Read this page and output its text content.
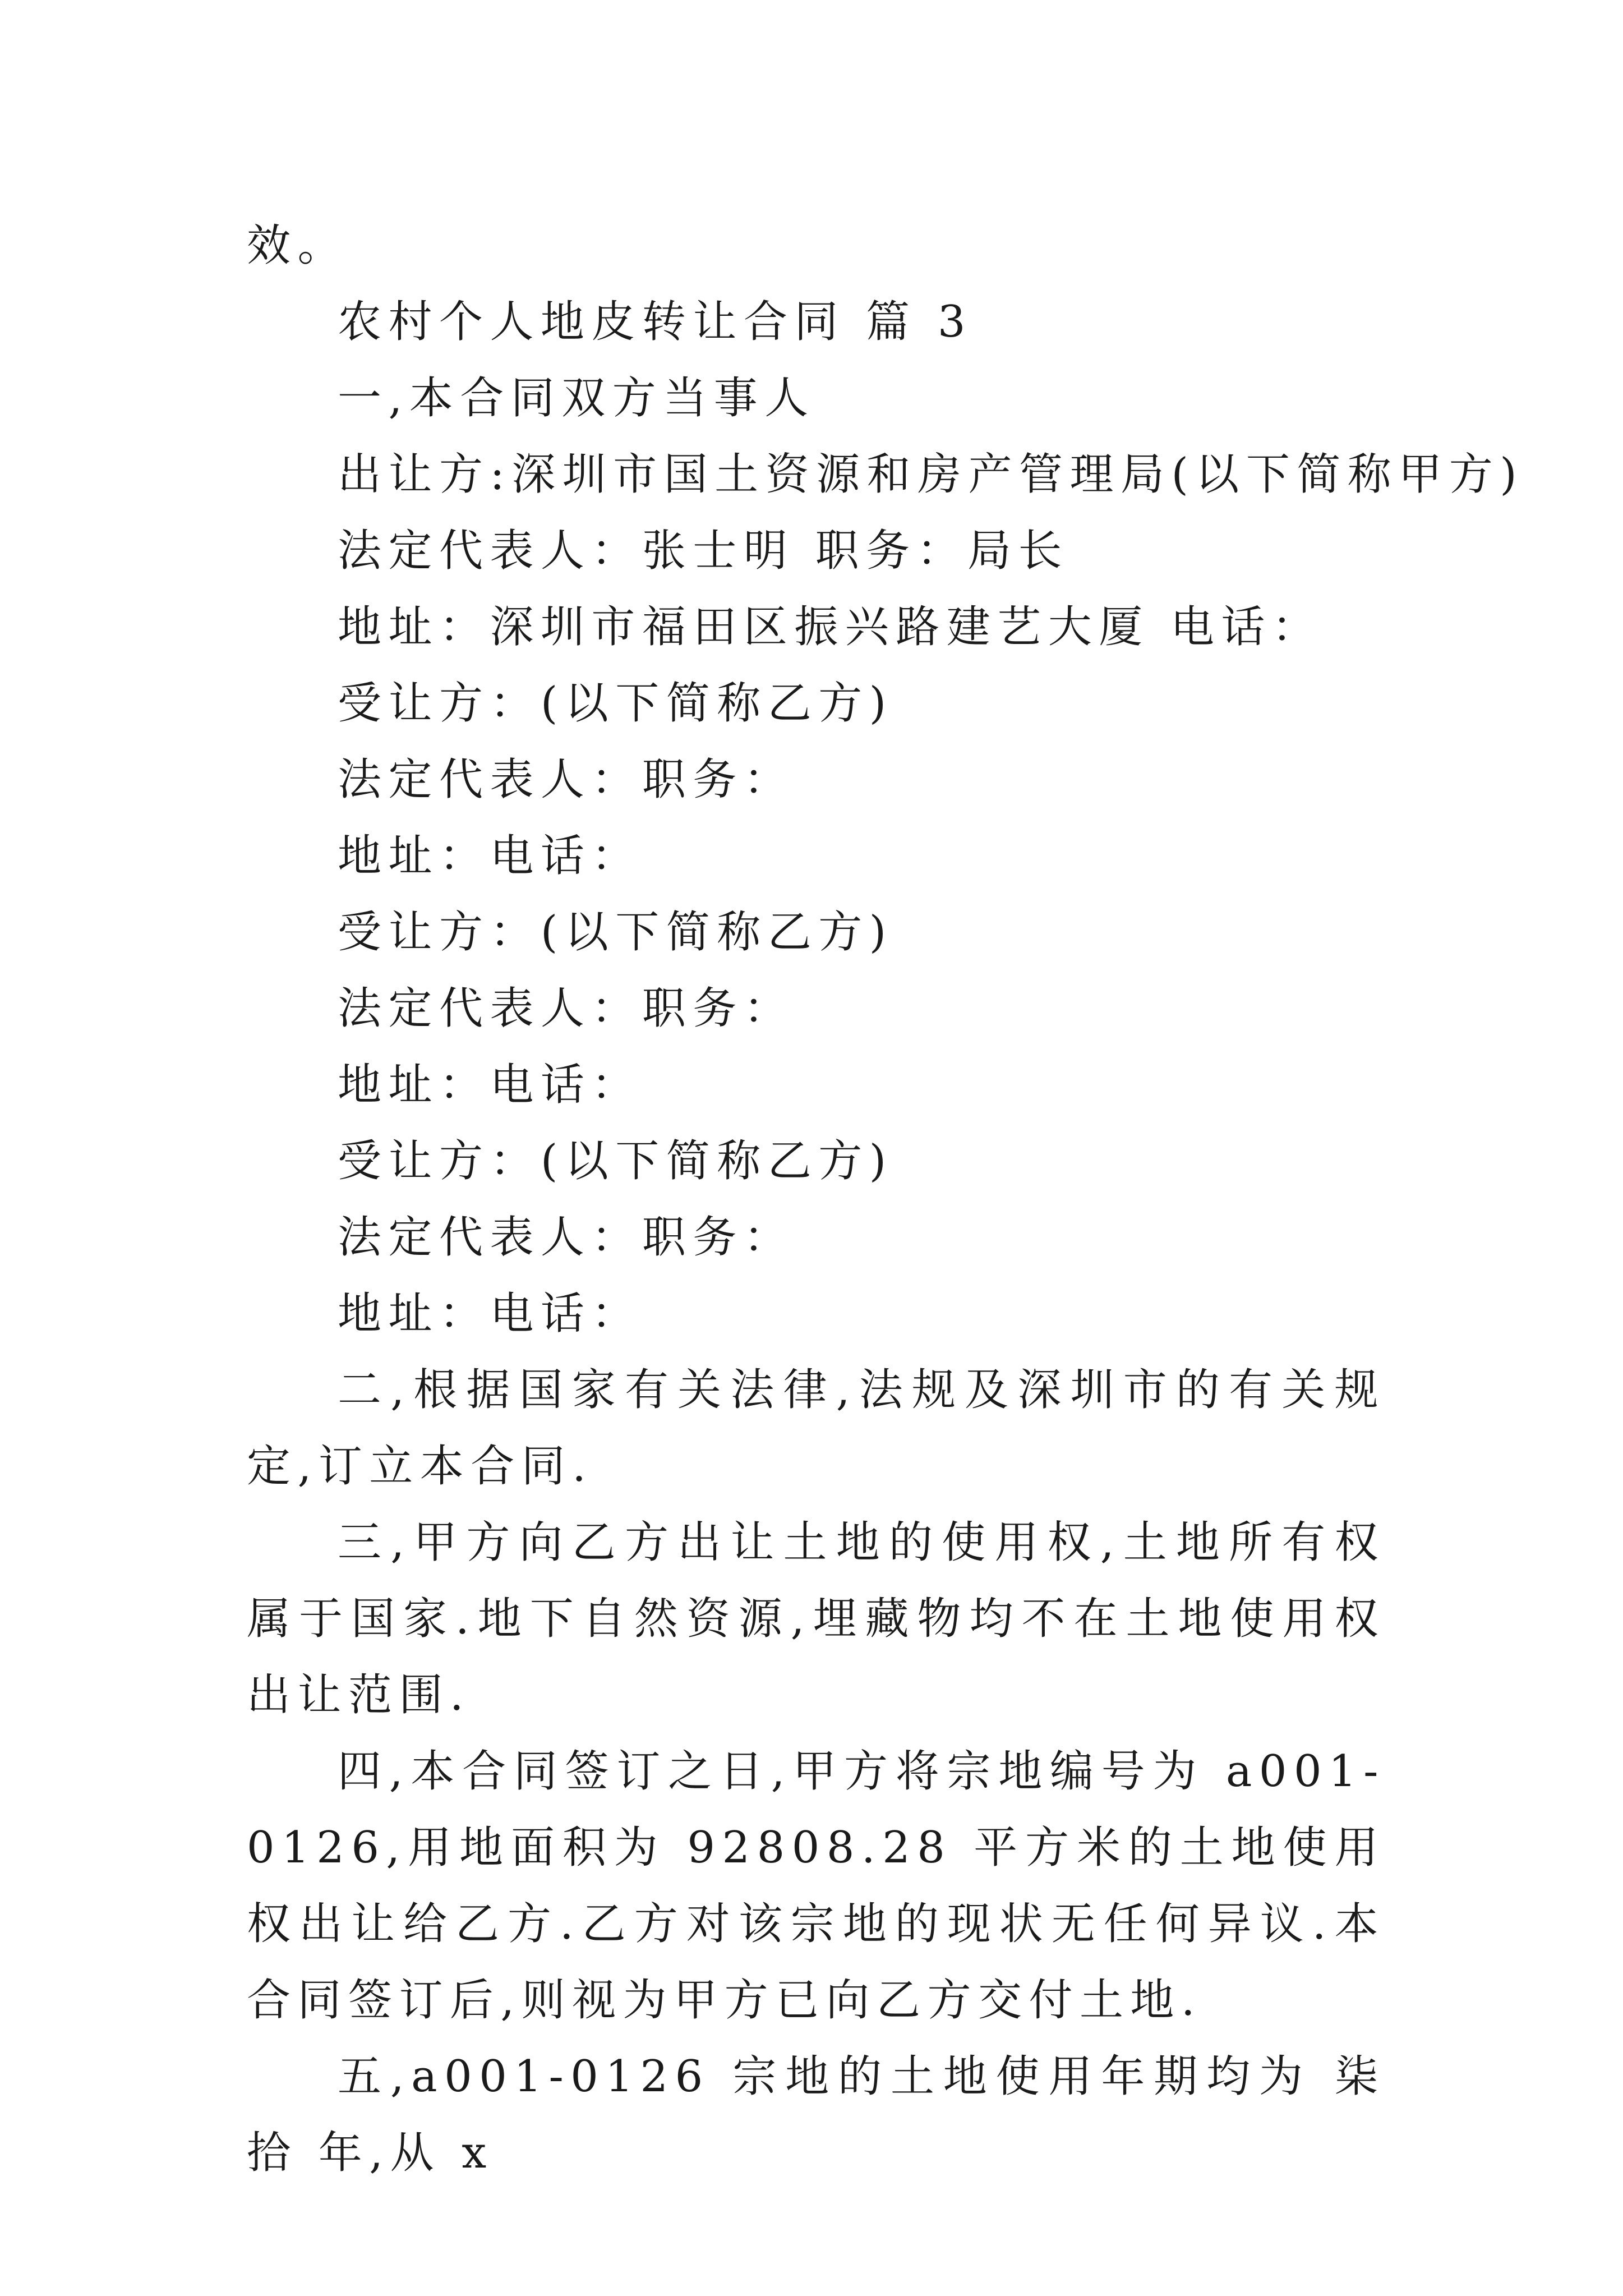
效。
农村个人地皮转让合同 篇 3
一,本合同双方当事人
出让方:深圳市国土资源和房产管理局(以下简称甲方)
法定代表人：张士明 职务：局长
地址：深圳市福田区振兴路建艺大厦 电话：
受让方：(以下简称乙方)
法定代表人：职务：
地址：电话：
受让方：(以下简称乙方)
法定代表人：职务：
地址：电话：
受让方：(以下简称乙方)
法定代表人：职务：
地址：电话：

二,根据国家有关法律,法规及深圳市的有关规定,订立本合同.

三,甲方向乙方出让土地的使用权,土地所有权属于国家.地下自然资源,埋藏物均不在土地使用权出让范围.

四,本合同签订之日,甲方将宗地编号为 a001-0126,用地面积为 92808.28 平方米的土地使用权出让给乙方.乙方对该宗地的现状无任何异议.本合同签订后,则视为甲方已向乙方交付土地.

五,a001-0126 宗地的土地使用年期均为 柒拾 年,从 x
